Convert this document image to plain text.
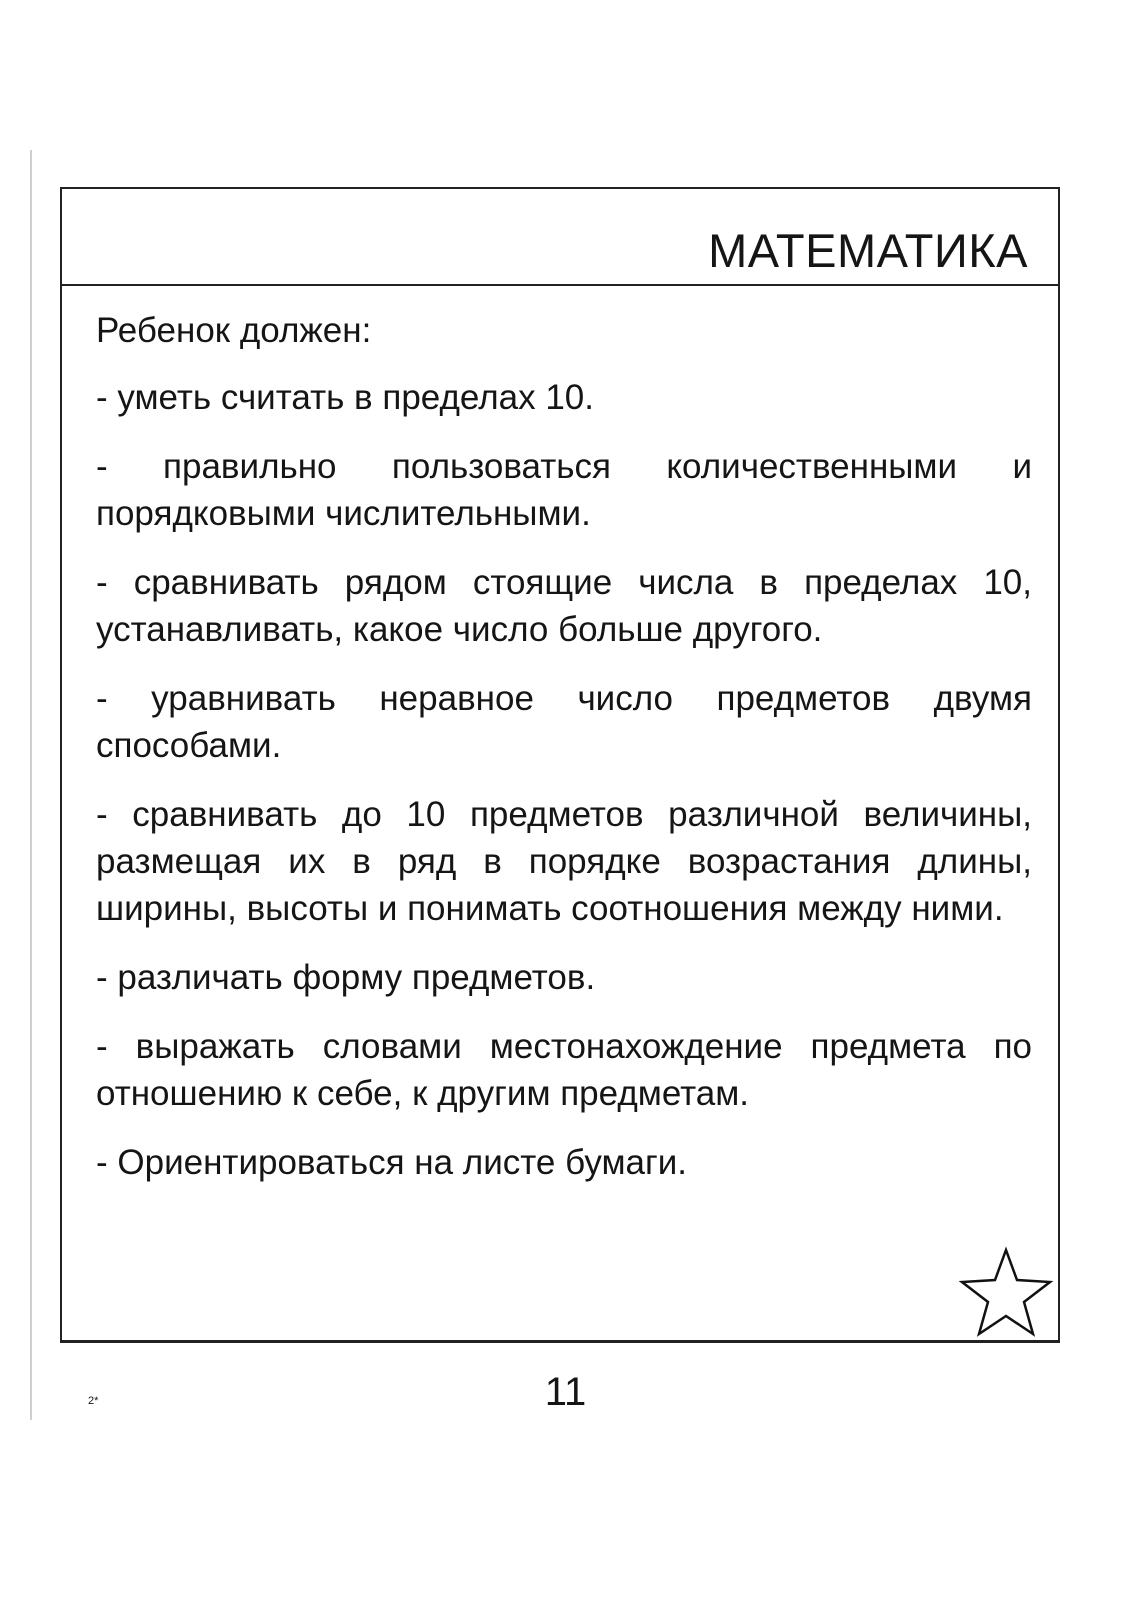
МАТЕМАТИКА

Ребенок должен:

- уметь считать в пределах 10.

- правильно пользоваться количественными и порядковыми числительными.

- сравнивать рядом стоящие числа в пределах 10, устанавливать, какое число больше другого.

- уравнивать неравное число предметов двумя способами.

- сравнивать до 10 предметов различной величины, размещая их в ряд в порядке возрастания длины, ширины, высоты и понимать соотношения между ними.

- различать форму предметов.

- выражать словами местонахождение предмета по отношению к себе, к другим предметам.

- Ориентироваться на листе бумаги.

11
2*
